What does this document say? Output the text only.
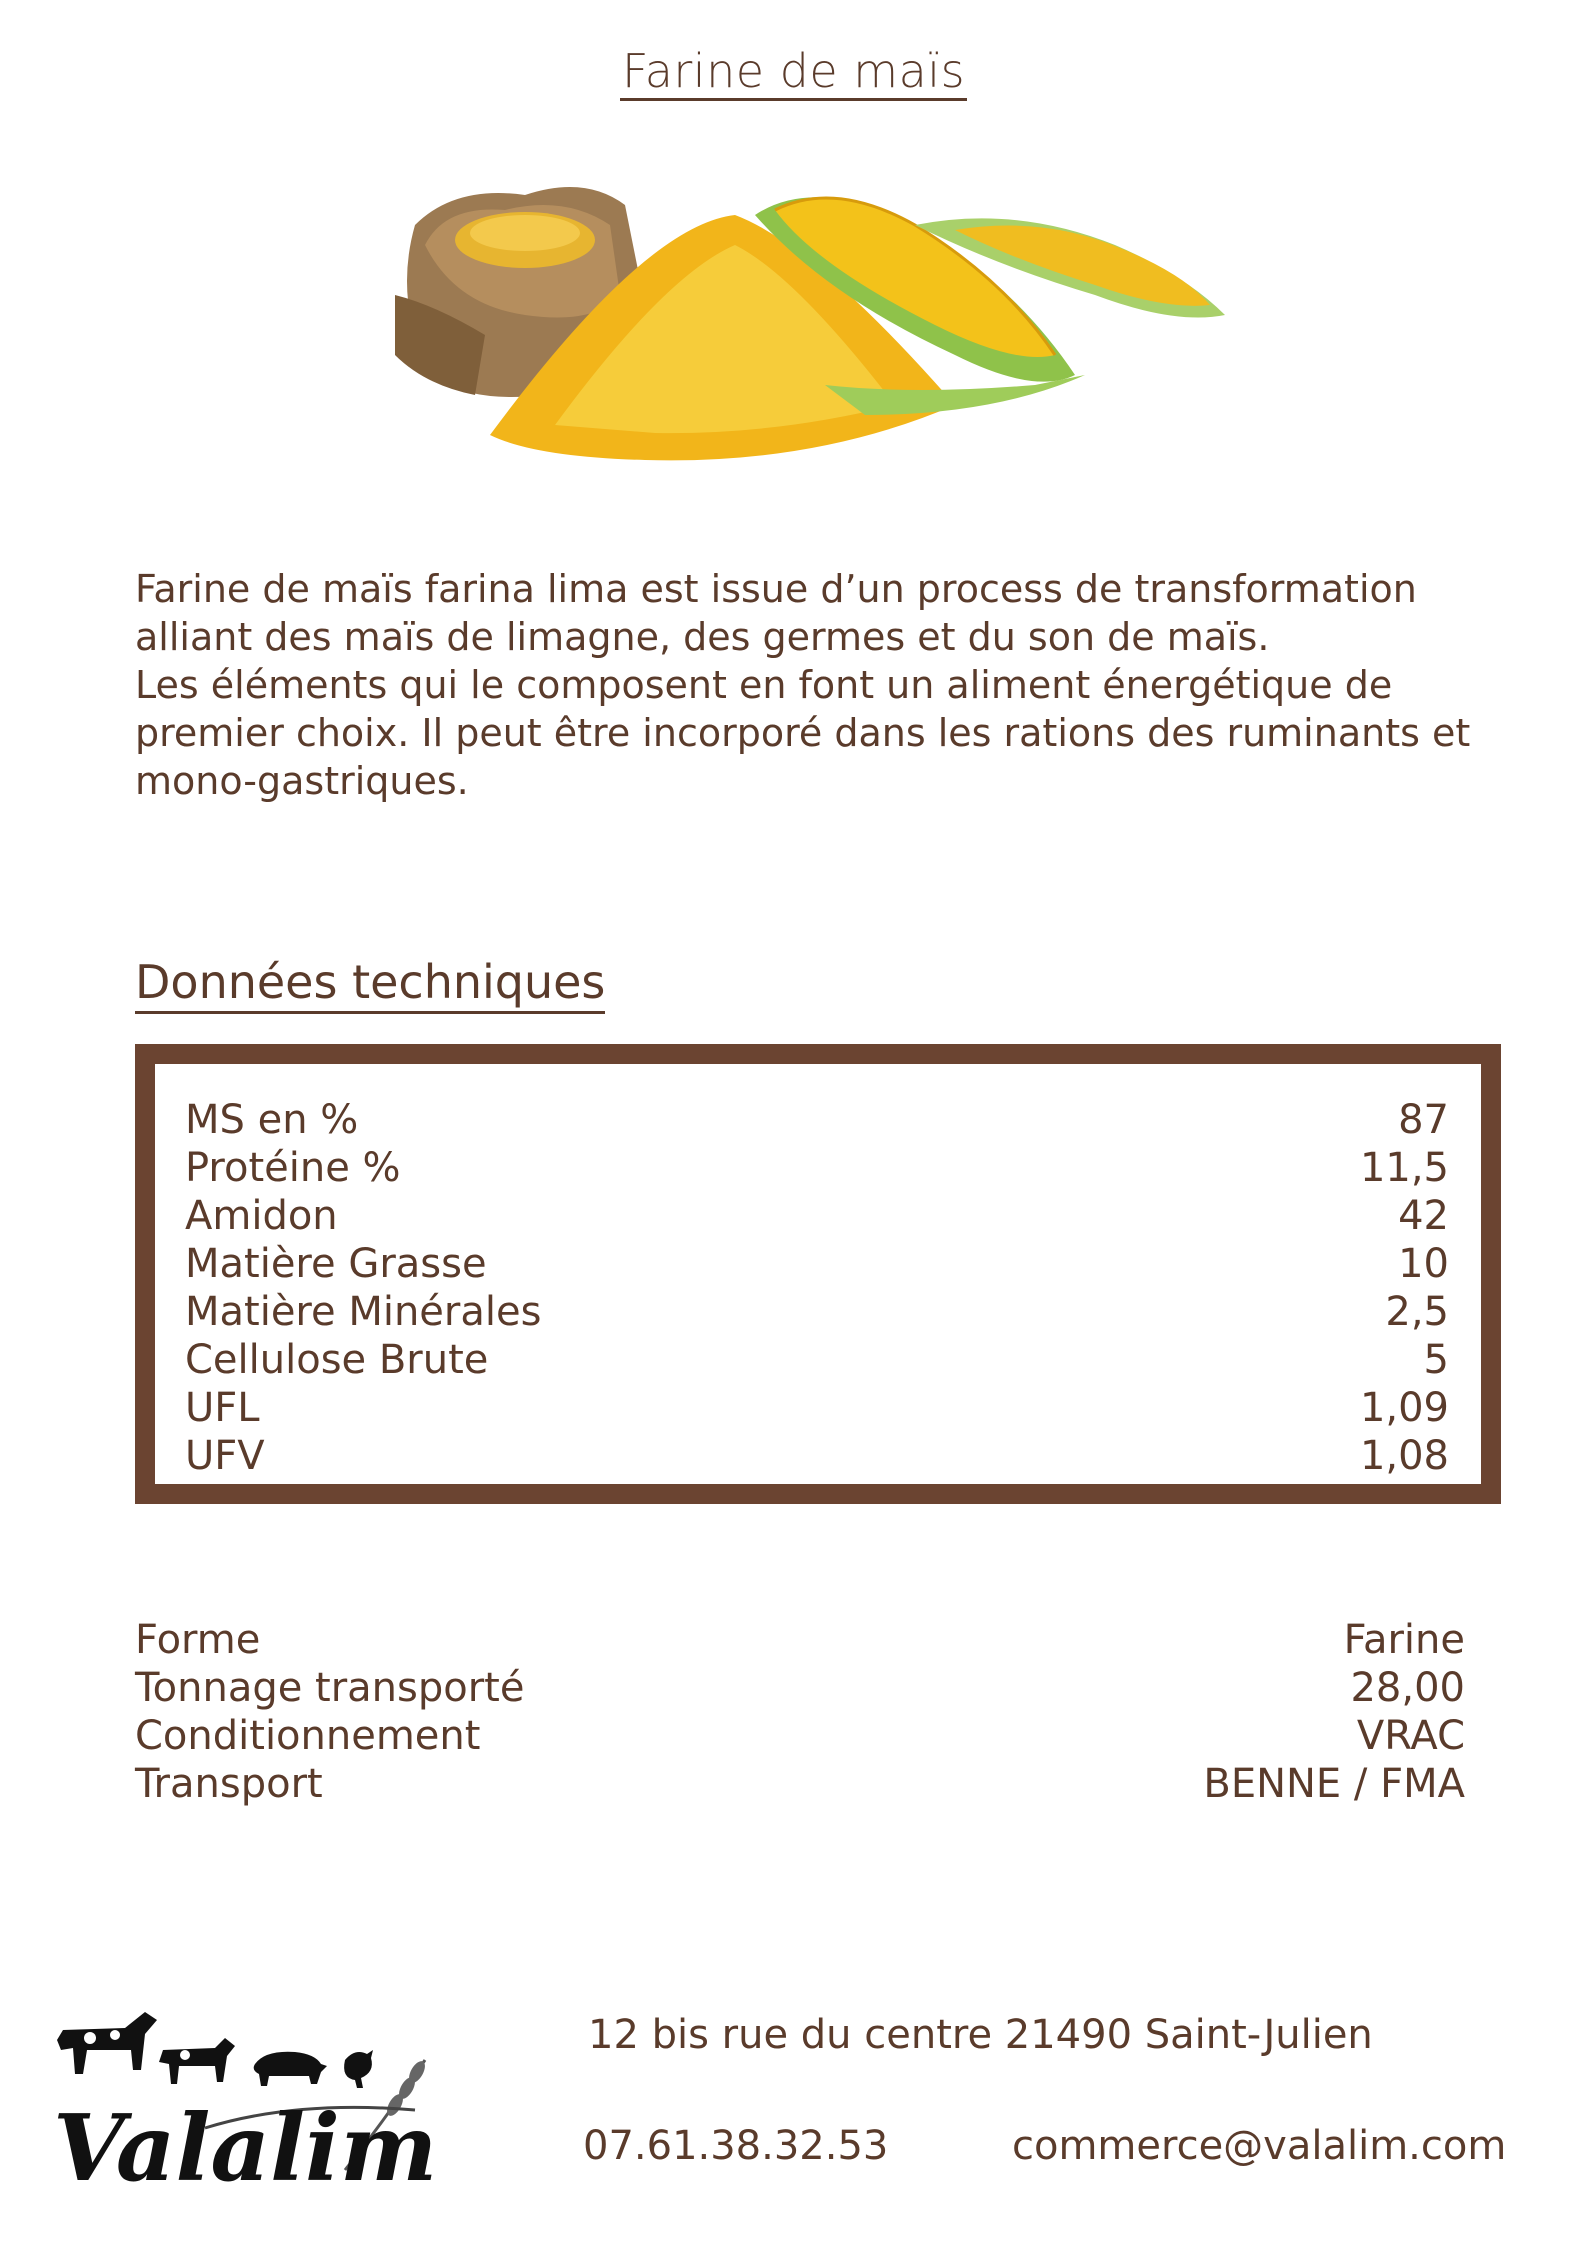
Farine de maïs

Farine de maïs farina lima est issue d’un process de transformation alliant des maïs de limagne, des germes et du son de maïs.

Les éléments qui le composent en font un aliment énergétique de premier choix. Il peut être incorporé dans les rations des ruminants et mono-gastriques.

Données techniques
MS en %	87
Protéine %	11,5
Amidon	42
Matière Grasse	10
Matière Minérales	2,5
Cellulose Brute	5
UFL	1,09
UFV	1,08
Forme	Farine
Tonnage transporté	28,00
Conditionnement	VRAC
Transport	BENNE / FMA
Valalim
12 bis rue du centre 21490 Saint-Julien
07.61.38.32.53	commerce@valalim.com
